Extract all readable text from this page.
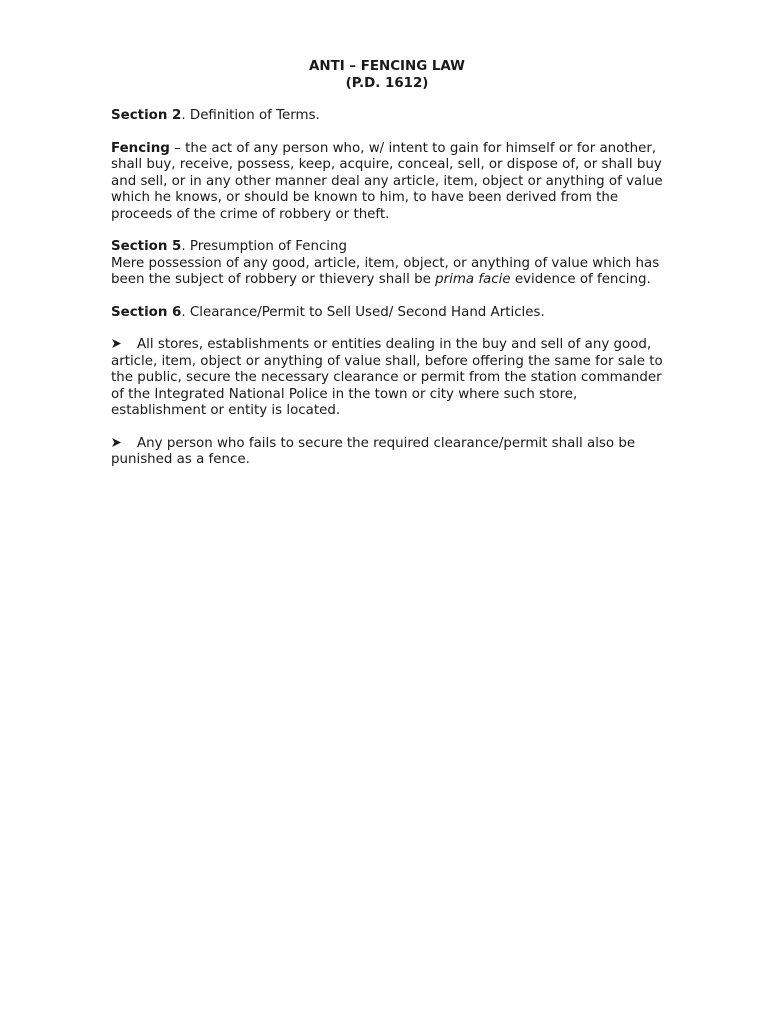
ANTI – FENCING LAW
(P.D. 1612)

Section 2. Definition of Terms.

Fencing – the act of any person who, w/ intent to gain for himself or for another, shall buy, receive, possess, keep, acquire, conceal, sell, or dispose of, or shall buy and sell, or in any other manner deal any article, item, object or anything of value which he knows, or should be known to him, to have been derived from the proceeds of the crime of robbery or theft.

Section 5. Presumption of Fencing
Mere possession of any good, article, item, object, or anything of value which has been the subject of robbery or thievery shall be prima facie evidence of fencing.

Section 6. Clearance/Permit to Sell Used/ Second Hand Articles.

All stores, establishments or entities dealing in the buy and sell of any good, article, item, object or anything of value shall, before offering the same for sale to the public, secure the necessary clearance or permit from the station commander of the Integrated National Police in the town or city where such store, establishment or entity is located.

Any person who fails to secure the required clearance/permit shall also be punished as a fence.
